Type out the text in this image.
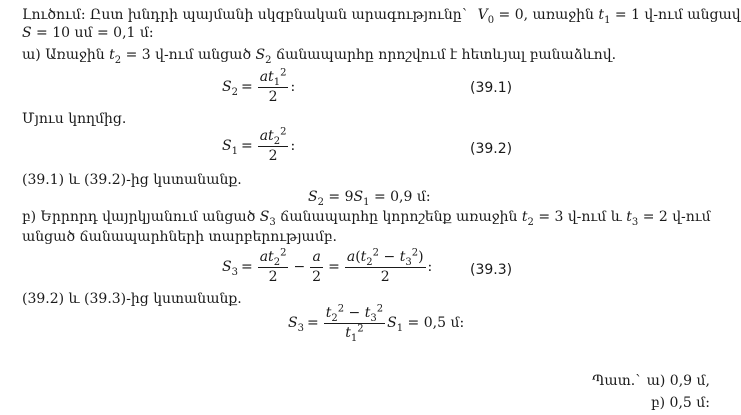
Լուծում: Ըստ խնդրի պայմանի սկզբնական արագությունը`  $V_0 = 0$, առաջին $t_1 = 1$ վ-ում անցավ
S = 10 սմ = 0,1 մ:
ա) Առաջին $t_2 = 3$ վ-ում անցած $S_2$ ճանապարհը որոշվում է հետևյալ բանաձևով.
$S_2 = \frac{at_1^2}{2}$ :	(39.1)
Մյուս կողմից.
$S_1 = \frac{at_2^2}{2}$ :	(39.2)
(39.1) և (39.2)-ից կստանանք.
$S_2 = 9S_1 = 0,9$ մ:
բ) Երրորդ վայրկյանում անցած $S_3$ ճանապարհը կորոշենք առաջին $t_2 = 3$ վ-ում և $t_3 = 2$ վ-ում
անցած ճանապարհների տարբերությամբ.
$S_3 = \frac{at_2^2}{2} - \frac{a}{2} = \frac{a(t_2^2 - t_3^2)}{2}$ :	(39.3)
(39.2) և (39.3)-ից կստանանք.
$S_3 = \frac{t_2^2 - t_3^2}{t_1^2} S_1 = 0,5$ մ:
Պատ.` ա) 0,9 մ,
բ) 0,5 մ:
